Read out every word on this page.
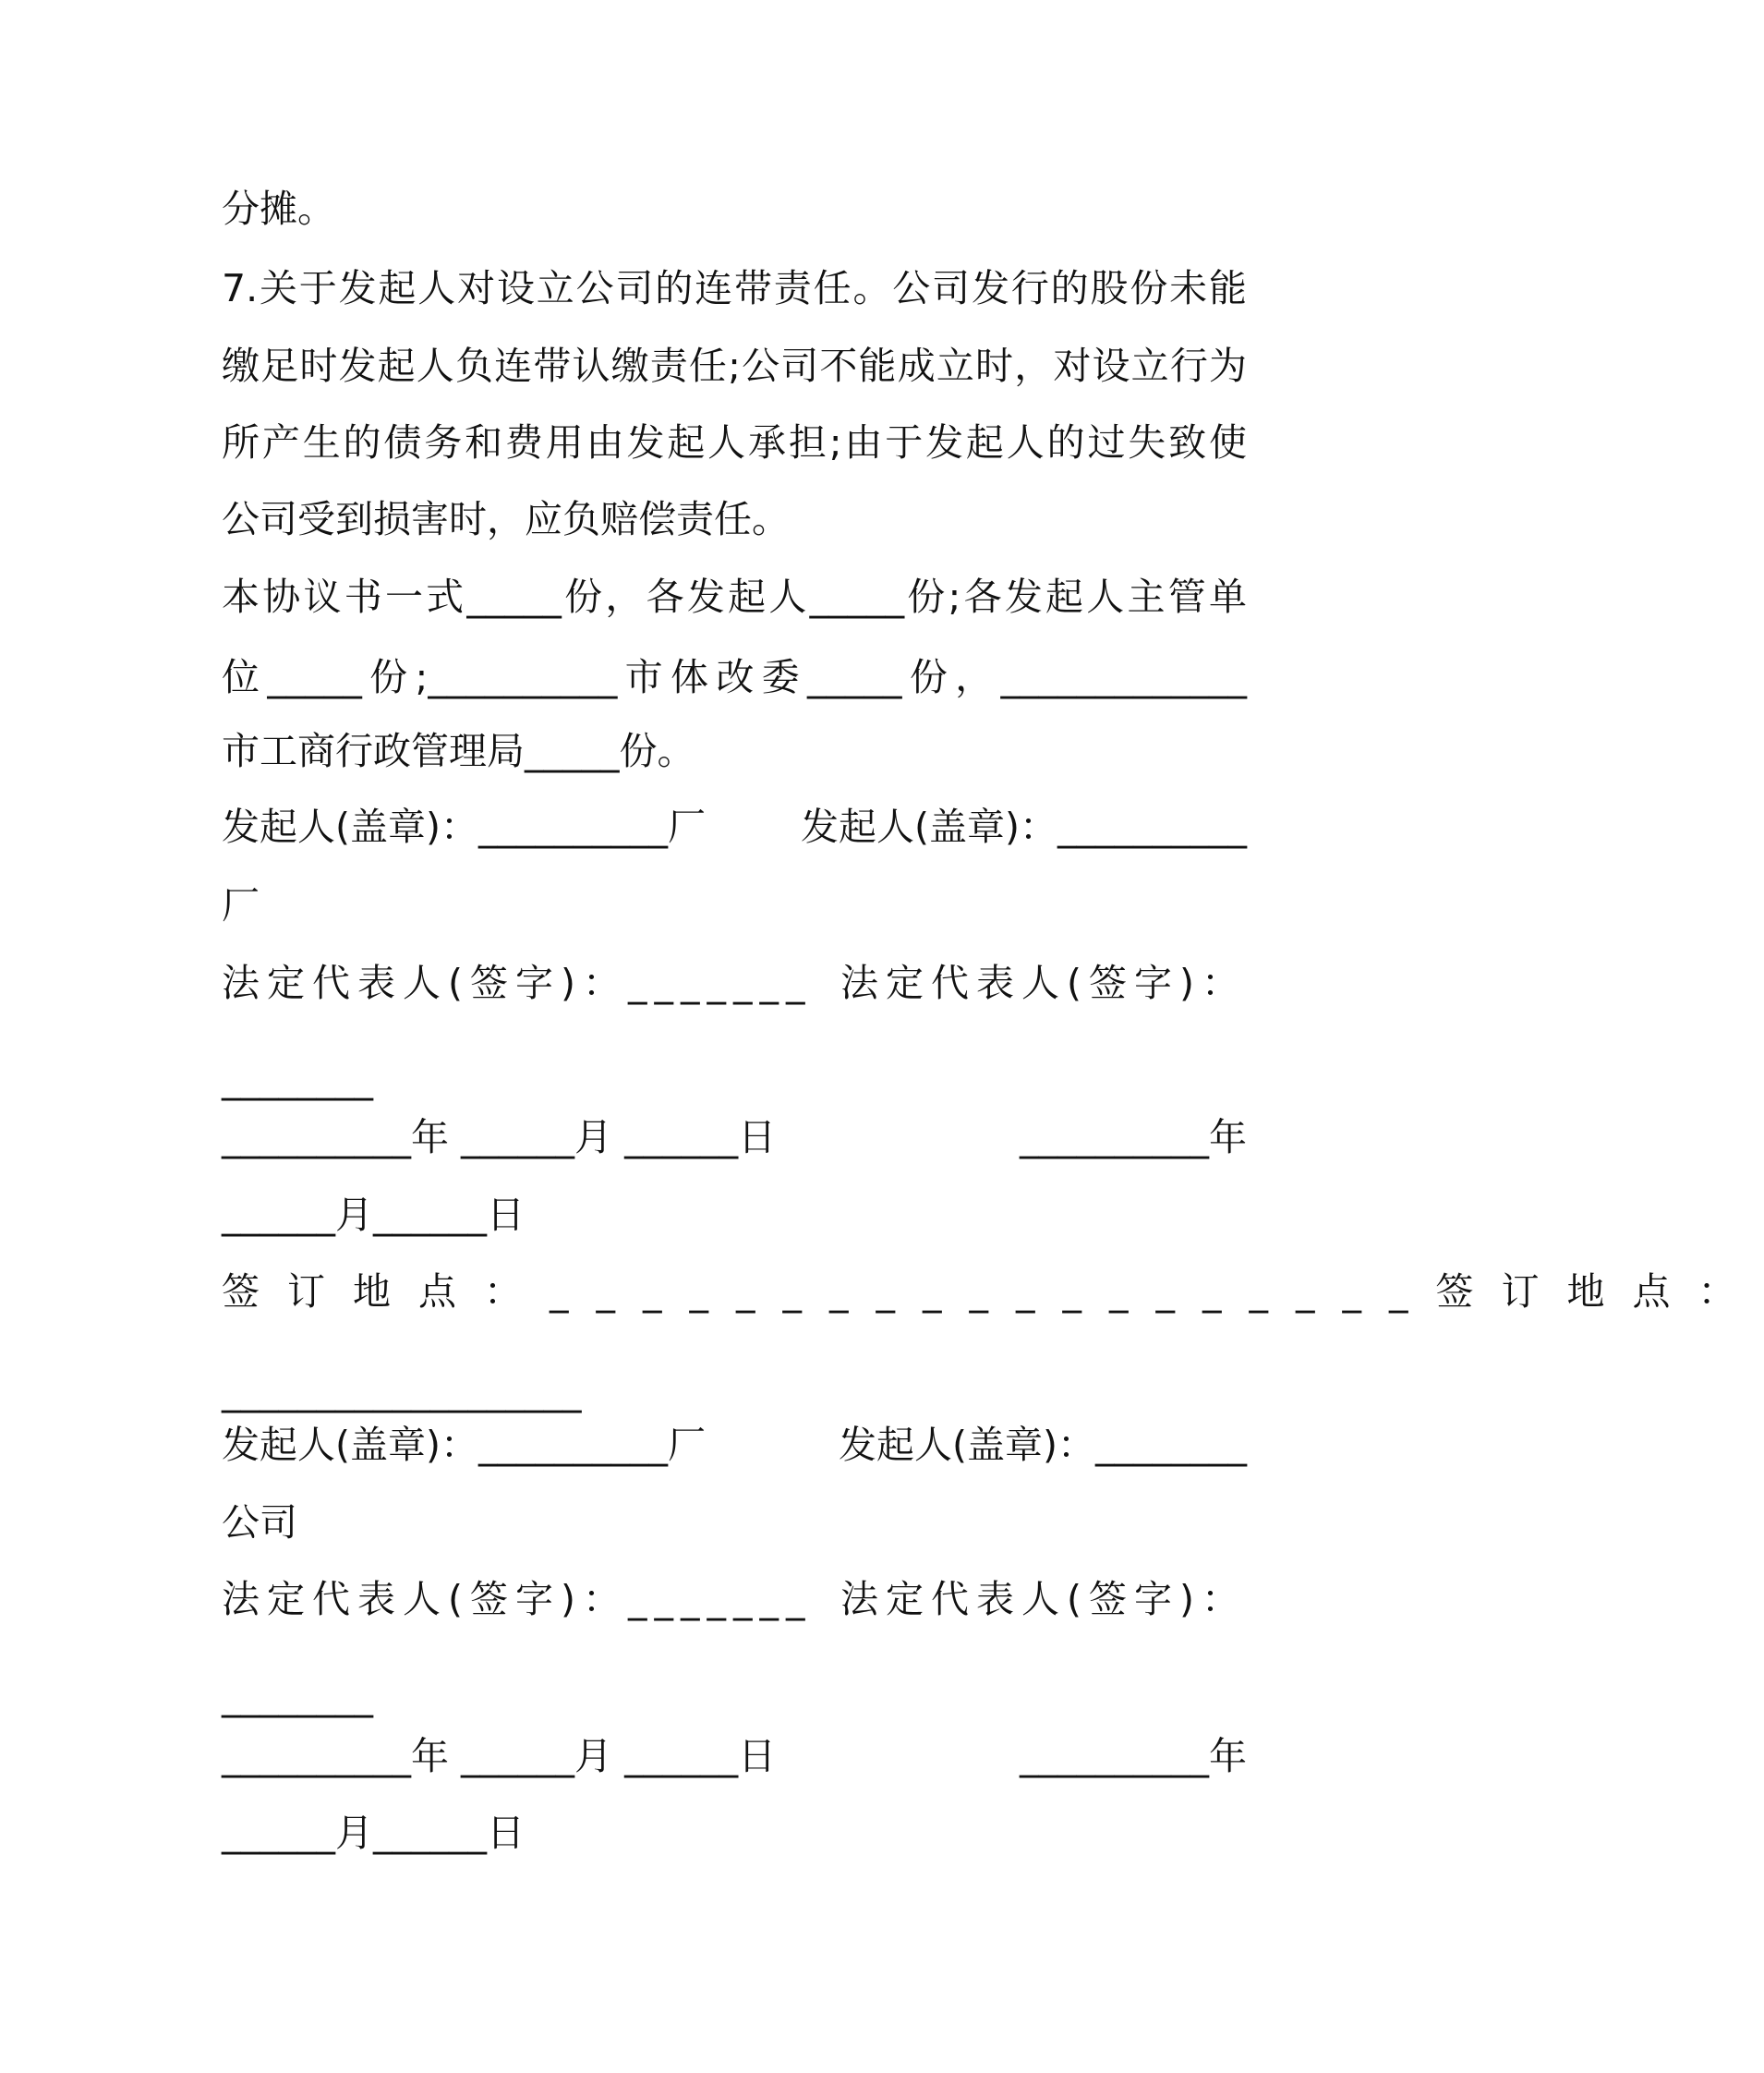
分摊。

7.关于发起人对设立公司的连带责任。公司发行的股份未能

缴足时发起人负连带认缴责任;公司不能成立时，对设立行为

所产生的债务和费用由发起人承担;由于发起人的过失致使

公司受到损害时，应负赔偿责任。

本协议书一式_____份，各发起人_____份;各发起人主管单

位_____份;__________市体改委_____份，_____________

市工商行政管理局_____份。

发起人(盖章)：__________厂	发起人(盖章)：__________

厂

法定代表人(签字)：_______ 法定代表人(签字)：

________

__________年 ______月 ______日	__________年

______月______日

签订地点：___________________ 签订地点：

___________________

发起人(盖章)：__________厂	发起人(盖章)：________

公司

法定代表人(签字)：_______ 法定代表人(签字)：

________

__________年 ______月 ______日	__________年

______月______日
